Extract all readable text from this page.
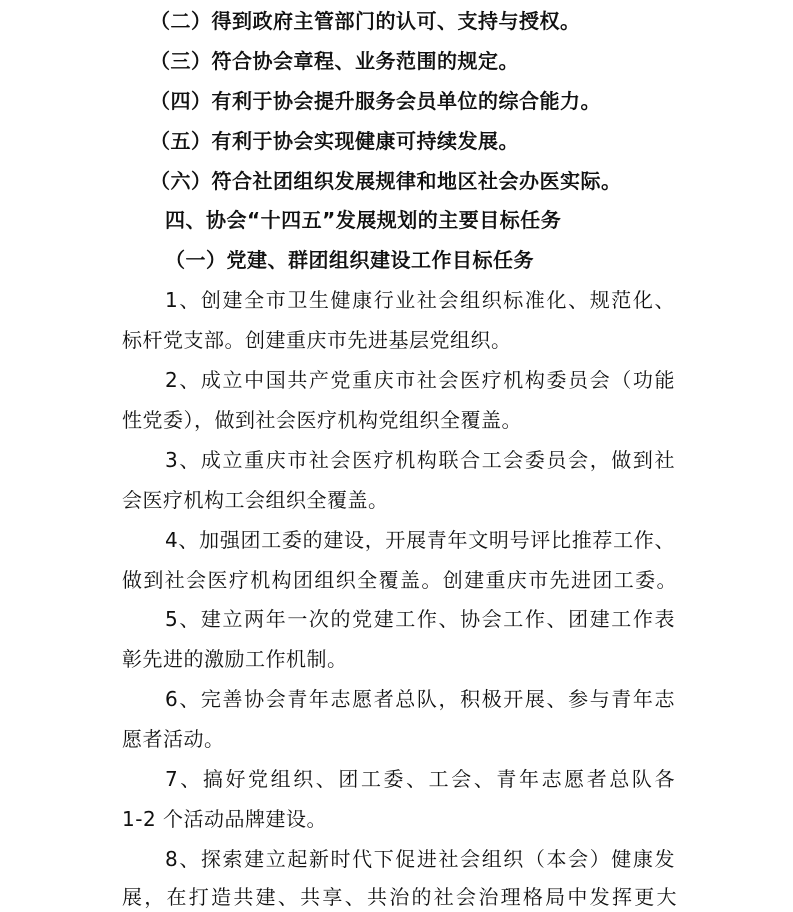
（二）得到政府主管部门的认可、支持与授权。
（三）符合协会章程、业务范围的规定。
（四）有利于协会提升服务会员单位的综合能力。
（五）有利于协会实现健康可持续发展。
（六）符合社团组织发展规律和地区社会办医实际。
四、协会“十四五”发展规划的主要目标任务
（一）党建、群团组织建设工作目标任务
1、创建全市卫生健康行业社会组织标准化、规范化、
标杆党支部。创建重庆市先进基层党组织。
2、成立中国共产党重庆市社会医疗机构委员会（功能
性党委），做到社会医疗机构党组织全覆盖。
3、成立重庆市社会医疗机构联合工会委员会，做到社
会医疗机构工会组织全覆盖。
4、加强团工委的建设，开展青年文明号评比推荐工作、
做到社会医疗机构团组织全覆盖。创建重庆市先进团工委。
5、建立两年一次的党建工作、协会工作、团建工作表
彰先进的激励工作机制。
6、完善协会青年志愿者总队，积极开展、参与青年志
愿者活动。
7、搞好党组织、团工委、工会、青年志愿者总队各
1-2 个活动品牌建设。
8、探索建立起新时代下促进社会组织（本会）健康发
展，在打造共建、共享、共治的社会治理格局中发挥更大
